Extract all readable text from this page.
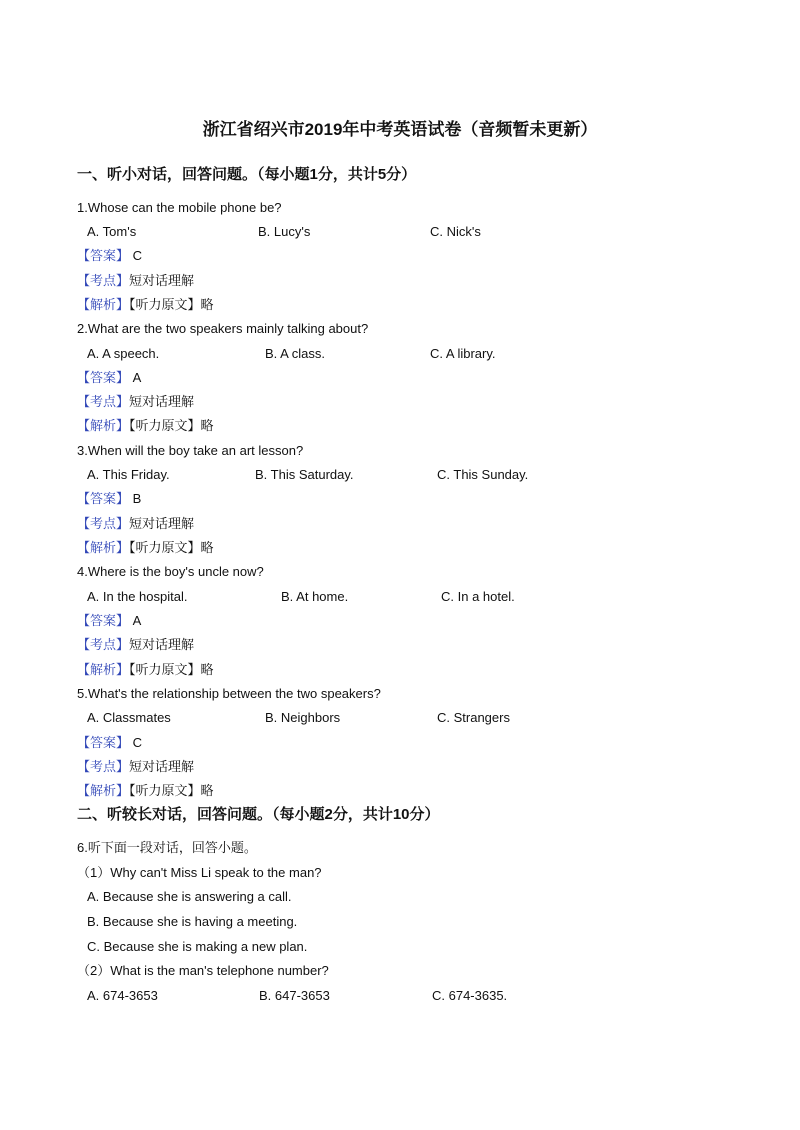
浙江省绍兴市2019年中考英语试卷（音频暂未更新）
一、听小对话，回答问题。（每小题1分，共计5分）
1.Whose can the mobile phone be?
A. Tom's	B. Lucy's	C. Nick's
【答案】 C
【考点】短对话理解
【解析】【听力原文】略
2.What are the two speakers mainly talking about?
A. A speech.	B. A class.	C. A library.
【答案】 A
【考点】短对话理解
【解析】【听力原文】略
3.When will the boy take an art lesson?
A. This Friday.	B. This Saturday.	C. This Sunday.
【答案】 B
【考点】短对话理解
【解析】【听力原文】略
4.Where is the boy's uncle now?
A. In the hospital.	B. At home.	C. In a hotel.
【答案】 A
【考点】短对话理解
【解析】【听力原文】略
5.What's the relationship between the two speakers?
A. Classmates	B. Neighbors	C. Strangers
【答案】 C
【考点】短对话理解
【解析】【听力原文】略
二、听较长对话，回答问题。（每小题2分，共计10分）
6.听下面一段对话，回答小题。
（1）Why can't Miss Li speak to the man?
A. Because she is answering a call.
B. Because she is having a meeting.
C. Because she is making a new plan.
（2）What is the man's telephone number?
A. 674-3653	B. 647-3653	C. 674-3635.
